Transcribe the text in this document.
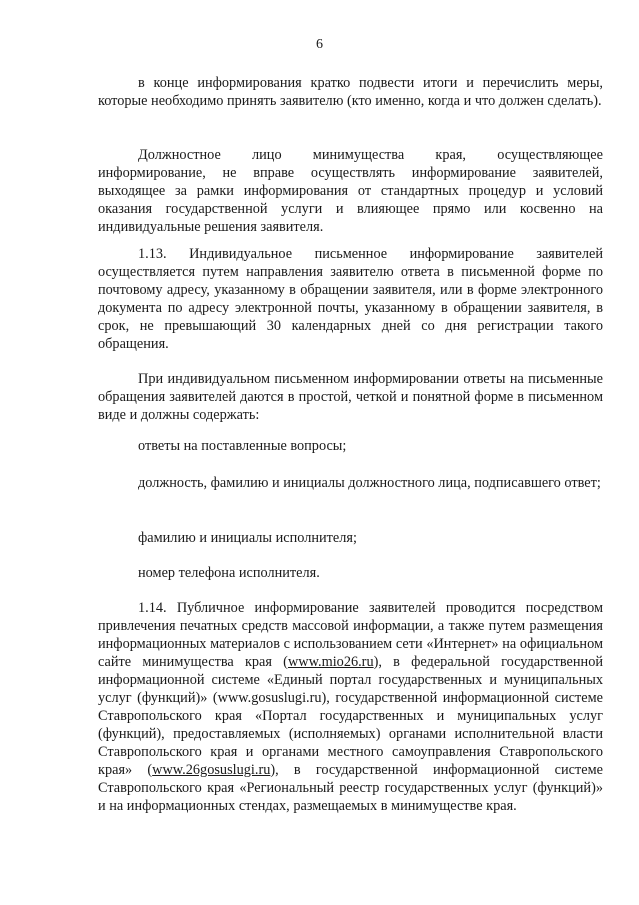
6

в конце информирования кратко подвести итоги и перечислить меры, которые необходимо принять заявителю (кто именно, когда и что должен сделать).

Должностное лицо минимущества края, осуществляющее информирование, не вправе осуществлять информирование заявителей, выходящее за рамки информирования от стандартных процедур и условий оказания государственной услуги и влияющее прямо или косвенно на индивидуальные решения заявителя.

1.13. Индивидуальное письменное информирование заявителей осуществляется путем направления заявителю ответа в письменной форме по почтовому адресу, указанному в обращении заявителя, или в форме электронного документа по адресу электронной почты, указанному в обращении заявителя, в срок, не превышающий 30 календарных дней со дня регистрации такого обращения.

При индивидуальном письменном информировании ответы на письменные обращения заявителей даются в простой, четкой и понятной форме в письменном виде и должны содержать:

ответы на поставленные вопросы;

должность, фамилию и инициалы должностного лица, подписавшего ответ;

фамилию и инициалы исполнителя;

номер телефона исполнителя.

1.14. Публичное информирование заявителей проводится посредством привлечения печатных средств массовой информации, а также путем размещения информационных материалов с использованием сети «Интернет» на официальном сайте минимущества края (www.mio26.ru), в федеральной государственной информационной системе «Единый портал государственных и муниципальных услуг (функций)» (www.gosuslugi.ru), государственной информационной системе Ставропольского края «Портал государственных и муниципальных услуг (функций), предоставляемых (исполняемых) органами исполнительной власти Ставропольского края и органами местного самоуправления Ставропольского края» (www.26gosuslugi.ru), в государственной информационной системе Ставропольского края «Региональный реестр государственных услуг (функций)» и на информационных стендах, размещаемых в минимуществе края.
